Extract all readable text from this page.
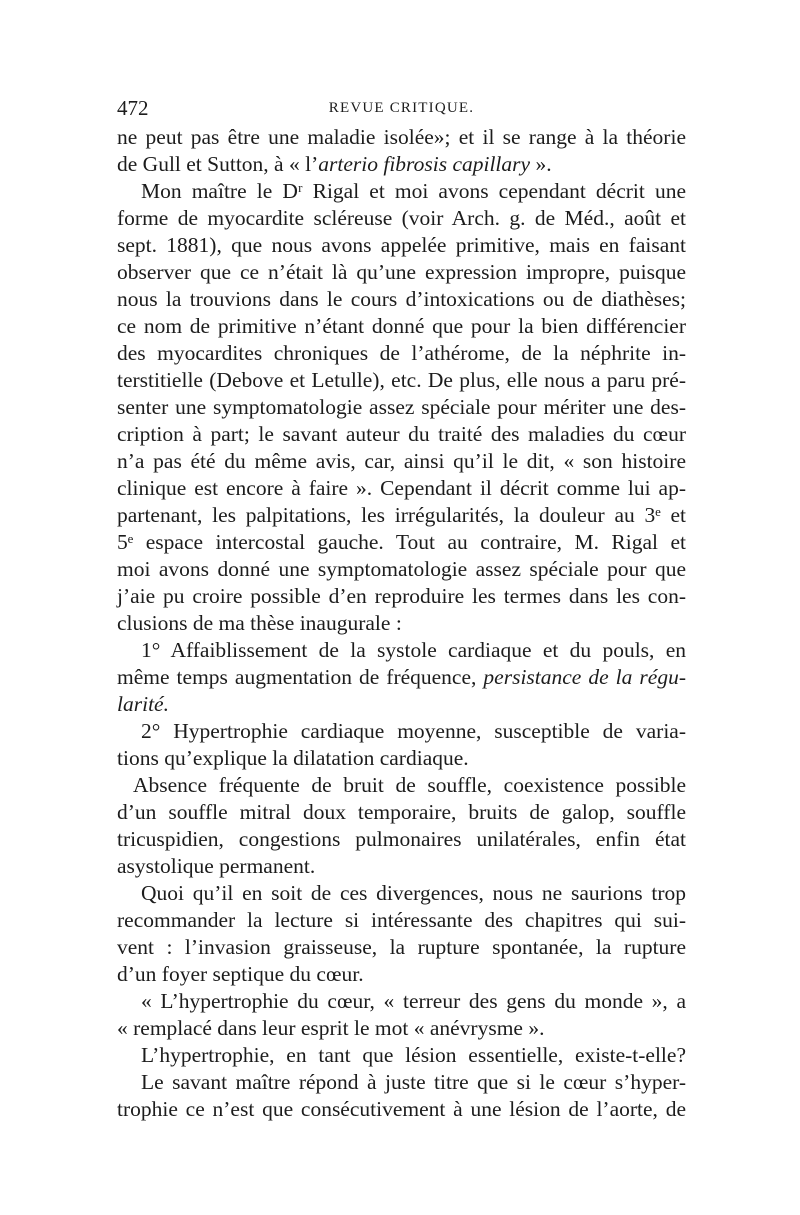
472	REVUE CRITIQUE.
ne peut pas être une maladie isolée»; et il se range à la théorie
de Gull et Sutton, à « l’arterio fibrosis capillary ».
Mon maître le Dʳ Rigal et moi avons cependant décrit une
forme de myocardite scléreuse (voir Arch. g. de Méd., août et
sept. 1881), que nous avons appelée primitive, mais en faisant
observer que ce n’était là qu’une expression impropre, puisque
nous la trouvions dans le cours d’intoxications ou de diathèses;
ce nom de primitive n’étant donné que pour la bien différencier
des myocardites chroniques de l’athérome, de la néphrite in-
terstitielle (Debove et Letulle), etc. De plus, elle nous a paru pré-
senter une symptomatologie assez spéciale pour mériter une des-
cription à part; le savant auteur du traité des maladies du cœur
n’a pas été du même avis, car, ainsi qu’il le dit, « son histoire
clinique est encore à faire ». Cependant il décrit comme lui ap-
partenant, les palpitations, les irrégularités, la douleur au 3ᵉ et
5ᵉ espace intercostal gauche. Tout au contraire, M. Rigal et
moi avons donné une symptomatologie assez spéciale pour que
j’aie pu croire possible d’en reproduire les termes dans les con-
clusions de ma thèse inaugurale :
1° Affaiblissement de la systole cardiaque et du pouls, en
même temps augmentation de fréquence, persistance de la régu-
larité.
2° Hypertrophie cardiaque moyenne, susceptible de varia-
tions qu’explique la dilatation cardiaque.
Absence fréquente de bruit de souffle, coexistence possible
d’un souffle mitral doux temporaire, bruits de galop, souffle
tricuspidien, congestions pulmonaires unilatérales, enfin état
asystolique permanent.
Quoi qu’il en soit de ces divergences, nous ne saurions trop
recommander la lecture si intéressante des chapitres qui sui-
vent : l’invasion graisseuse, la rupture spontanée, la rupture
d’un foyer septique du cœur.
« L’hypertrophie du cœur, « terreur des gens du monde », a
« remplacé dans leur esprit le mot « anévrysme ».
L’hypertrophie, en tant que lésion essentielle, existe-t-elle?
Le savant maître répond à juste titre que si le cœur s’hyper-
trophie ce n’est que consécutivement à une lésion de l’aorte, de
